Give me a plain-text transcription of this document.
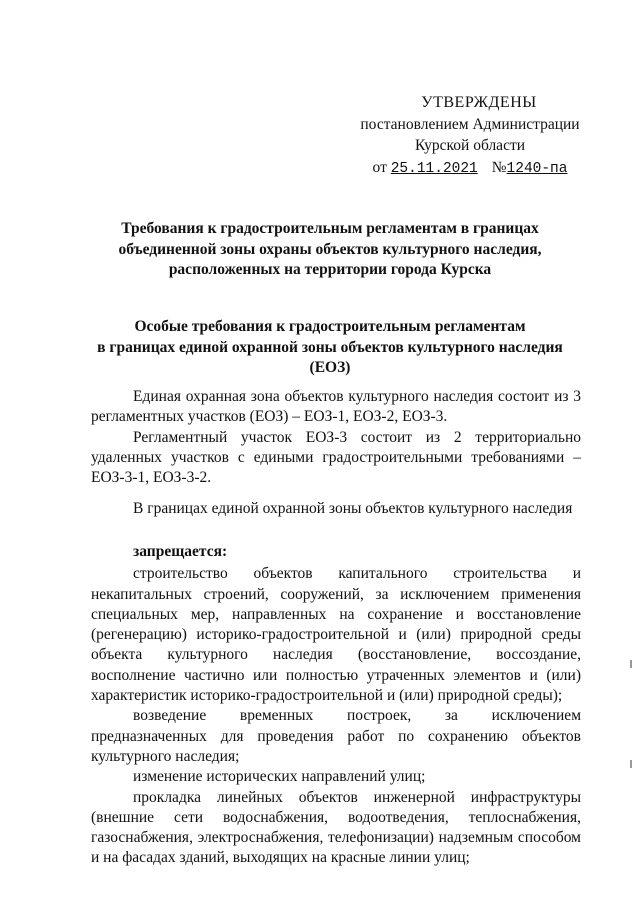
УТВЕРЖДЕНЫ
постановлением Администрации
Курской области
от 25.11.2021 №1240-па
Требования к градостроительным регламентам в границах
объединенной зоны охраны объектов культурного наследия,
расположенных на территории города Курска
Особые требования к градостроительным регламентам
в границах единой охранной зоны объектов культурного наследия
(ЕОЗ)

Единая охранная зона объектов культурного наследия состоит из 3 регламентных участков (ЕОЗ) – ЕОЗ-1, ЕОЗ-2, ЕОЗ-3.

Регламентный участок ЕОЗ-3 состоит из 2 территориально удаленных участков с едиными градостроительными требованиями – ЕОЗ-3-1, ЕОЗ-3-2.

В границах единой охранной зоны объектов культурного наследия

запрещается:

строительство объектов капитального строительства и некапитальных строений, сооружений, за исключением применения специальных мер, направленных на сохранение и восстановление (регенерацию) историко-градостроительной и (или) природной среды объекта культурного наследия (восстановление, воссоздание, восполнение частично или полностью утраченных элементов и (или) характеристик историко-градостроительной и (или) природной среды);

возведение временных построек, за исключением предназначенных для проведения работ по сохранению объектов культурного наследия;

изменение исторических направлений улиц;

прокладка линейных объектов инженерной инфраструктуры (внешние сети водоснабжения, водоотведения, теплоснабжения, газоснабжения, электроснабжения, телефонизации) надземным способом и на фасадах зданий, выходящих на красные линии улиц;
